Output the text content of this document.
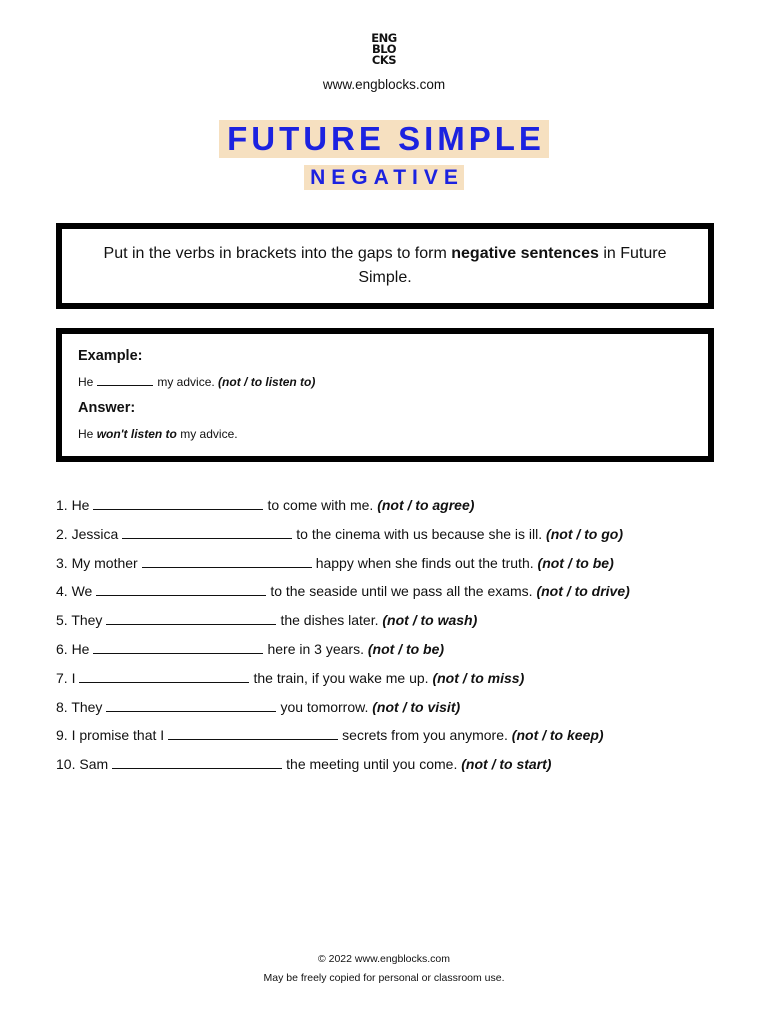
ENG
BLO
CKS
www.engblocks.com
FUTURE SIMPLE
NEGATIVE
Put in the verbs in brackets into the gaps to form negative sentences in Future Simple.
Example:
He	my advice. (not / to listen to)
Answer:
He won't listen to my advice.
1. He	to come with me. (not / to agree)
2. Jessica	to the cinema with us because she is ill. (not / to go)
3. My mother	happy when she finds out the truth. (not / to be)
4. We	to the seaside until we pass all the exams. (not / to drive)
5. They	the dishes later. (not / to wash)
6. He	here in 3 years. (not / to be)
7. I	the train, if you wake me up. (not / to miss)
8. They	you tomorrow. (not / to visit)
9. I promise that I	secrets from you anymore. (not / to keep)
10. Sam	the meeting until you come. (not / to start)
© 2022 www.engblocks.com
May be freely copied for personal or classroom use.
